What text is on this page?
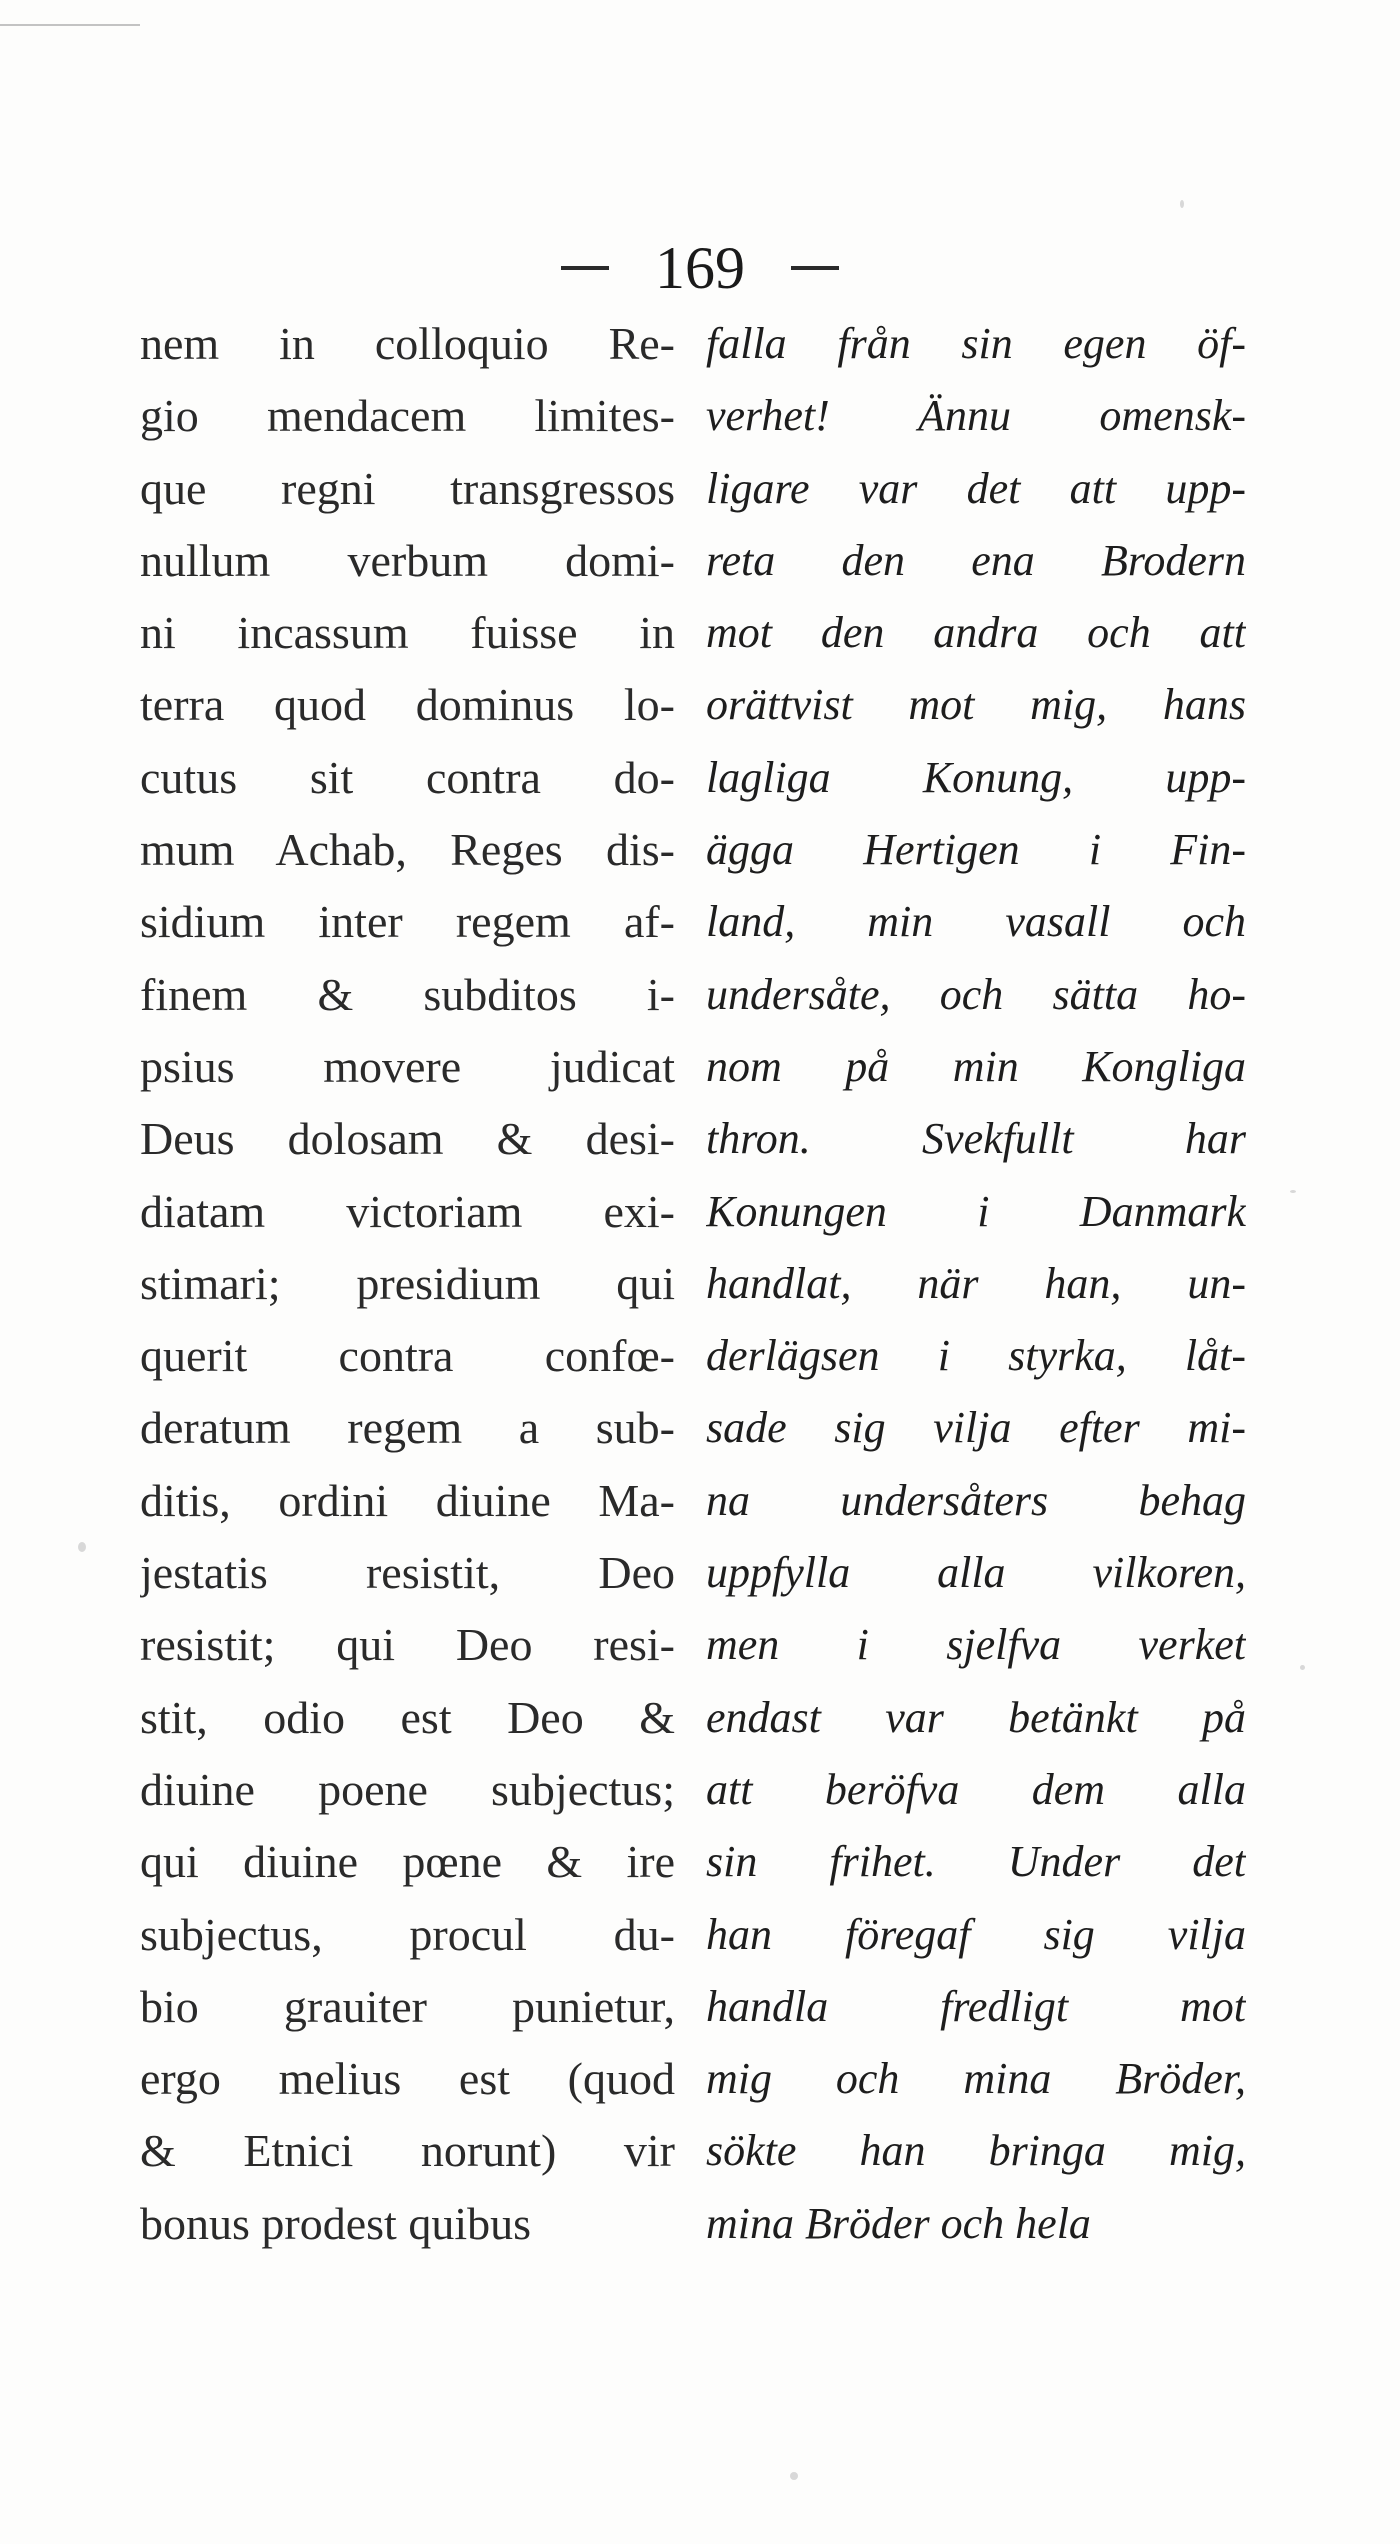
169
nem in colloquio Re-
gio mendacem limites-
que regni transgressos
nullum verbum domi-
ni incassum fuisse in
terra quod dominus lo-
cutus sit contra do-
mum Achab, Reges dis-
sidium inter regem af-
finem & subditos i-
psius movere judicat
Deus dolosam & desi-
diatam victoriam exi-
stimari; presidium qui
querit contra confœ-
deratum regem a sub-
ditis, ordini diuine Ma-
jestatis resistit, Deo
resistit; qui Deo resi-
stit, odio est Deo &
diuine poene subjectus;
qui diuine pœne & ire
subjectus, procul du-
bio grauiter punietur,
ergo melius est (quod
& Etnici norunt) vir
bonus prodest quibus
falla från sin egen öf-
verhet! Ännu omensk-
ligare var det att upp-
reta den ena Brodern
mot den andra och att
orättvist mot mig, hans
lagliga Konung, upp-
ägga Hertigen i Fin-
land, min vasall och
undersåte, och sätta ho-
nom på min Kongliga
thron. Svekfullt har
Konungen i Danmark
handlat, när han, un-
derlägsen i styrka, låt-
sade sig vilja efter mi-
na undersåters behag
uppfylla alla vilkoren,
men i sjelfva verket
endast var betänkt på
att beröfva dem alla
sin frihet. Under det
han föregaf sig vilja
handla fredligt mot
mig och mina Bröder,
sökte han bringa mig,
mina Bröder och hela
